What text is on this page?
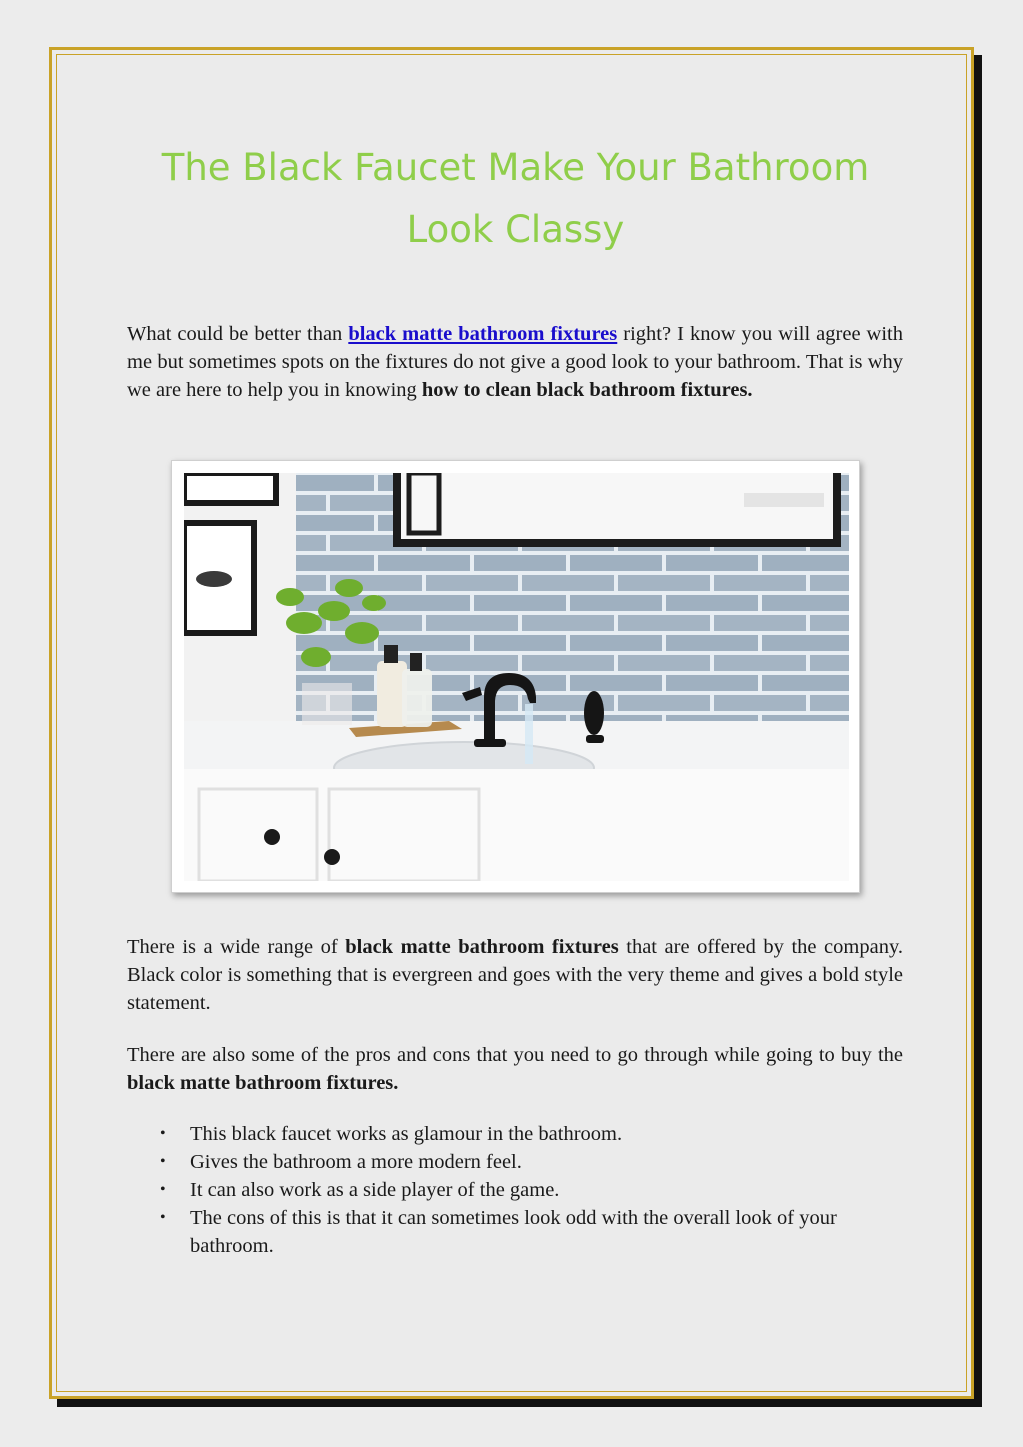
The Black Faucet Make Your Bathroom
Look Classy

What could be better than black matte bathroom fixtures right? I know you will agree with me but sometimes spots on the fixtures do not give a good look to your bathroom. That is why we are here to help you in knowing how to clean black bathroom fixtures.

There is a wide range of black matte bathroom fixtures that are offered by the company. Black color is something that is evergreen and goes with the very theme and gives a bold style statement.

There are also some of the pros and cons that you need to go through while going to buy the black matte bathroom fixtures.

• This black faucet works as glamour in the bathroom.
• Gives the bathroom a more modern feel.
• It can also work as a side player of the game.
• The cons of this is that it can sometimes look odd with the overall look of your bathroom.
